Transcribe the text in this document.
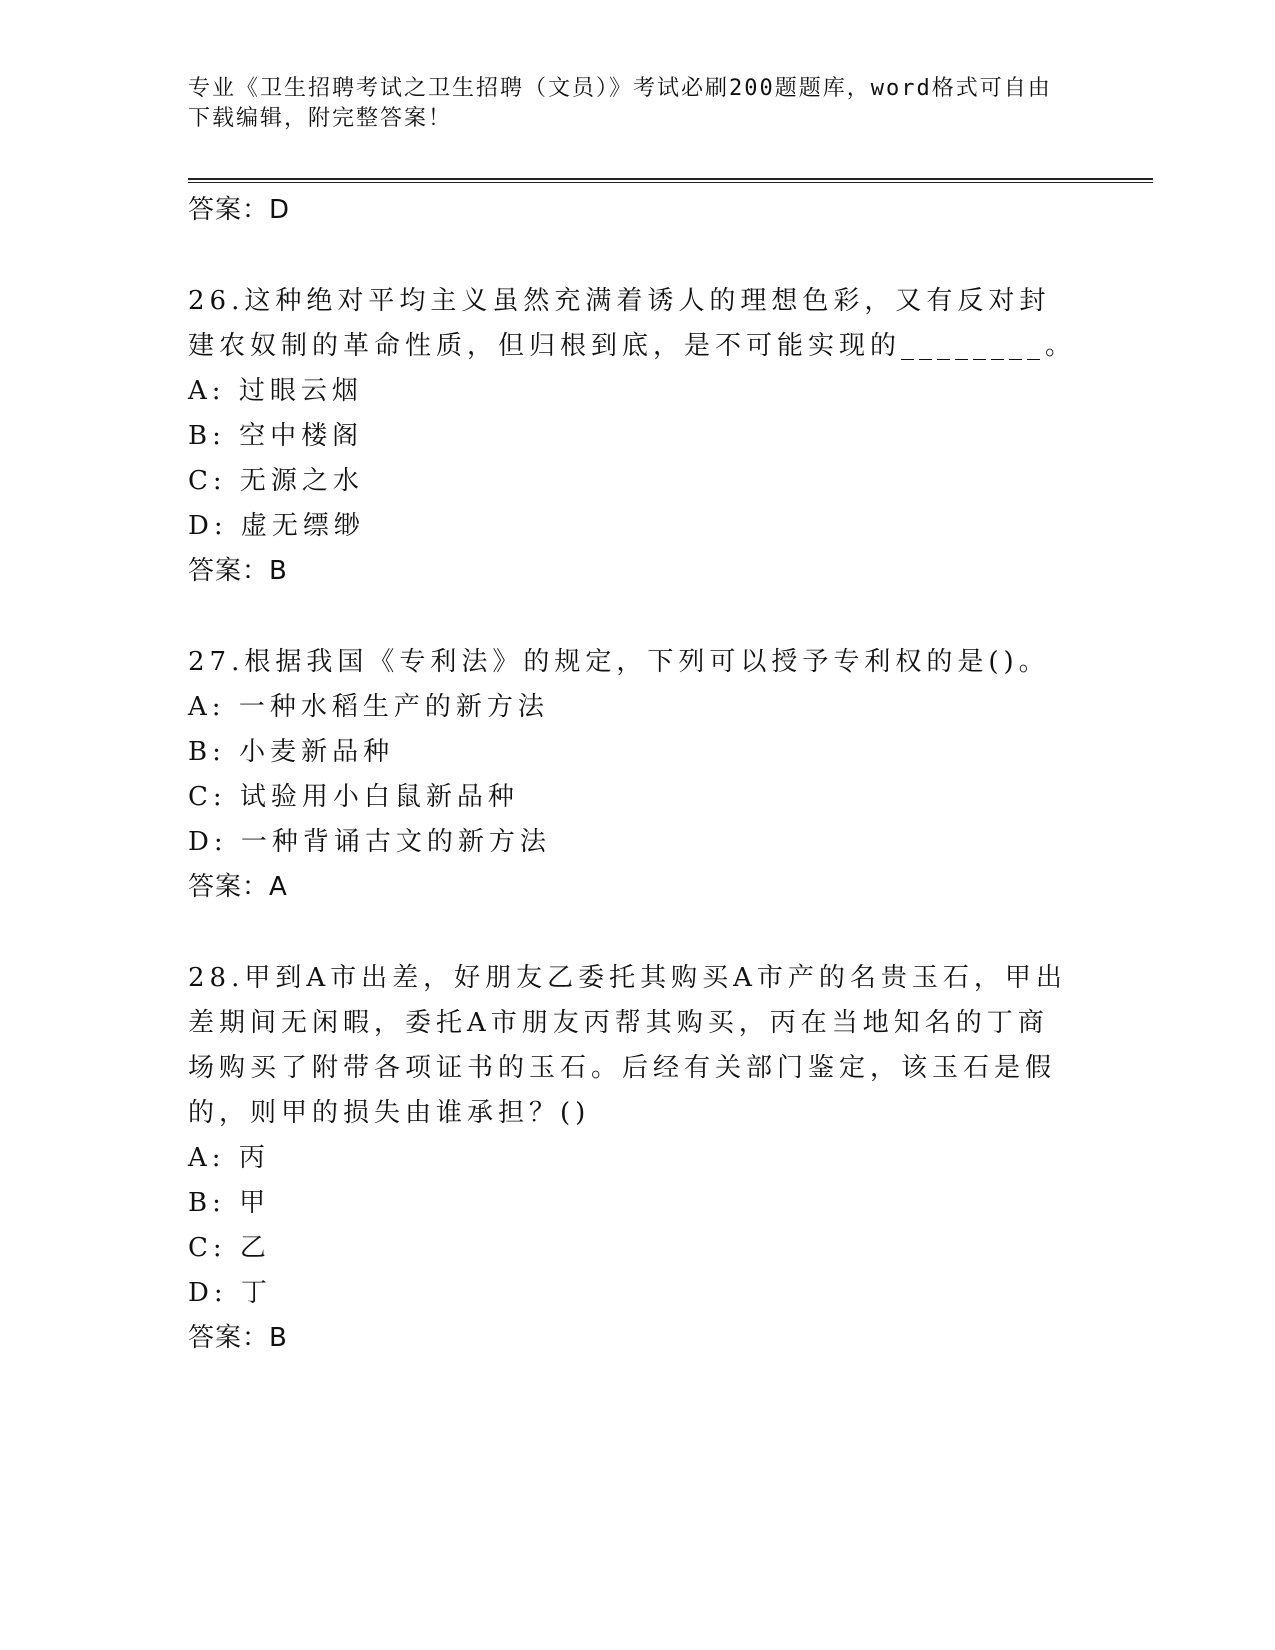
专业《卫生招聘考试之卫生招聘（文员）》考试必刷200题题库，word格式可自由下载编辑，附完整答案！
答案：D
26.这种绝对平均主义虽然充满着诱人的理想色彩，又有反对封建农奴制的革命性质，但归根到底，是不可能实现的________。
A: 过眼云烟
B: 空中楼阁
C: 无源之水
D: 虚无缥缈
答案：B
27.根据我国《专利法》的规定，下列可以授予专利权的是()。
A: 一种水稻生产的新方法
B: 小麦新品种
C: 试验用小白鼠新品种
D: 一种背诵古文的新方法
答案：A
28.甲到A市出差，好朋友乙委托其购买A市产的名贵玉石，甲出差期间无闲暇，委托A市朋友丙帮其购买，丙在当地知名的丁商场购买了附带各项证书的玉石。后经有关部门鉴定，该玉石是假的，则甲的损失由谁承担？()
A: 丙
B: 甲
C: 乙
D: 丁
答案：B
